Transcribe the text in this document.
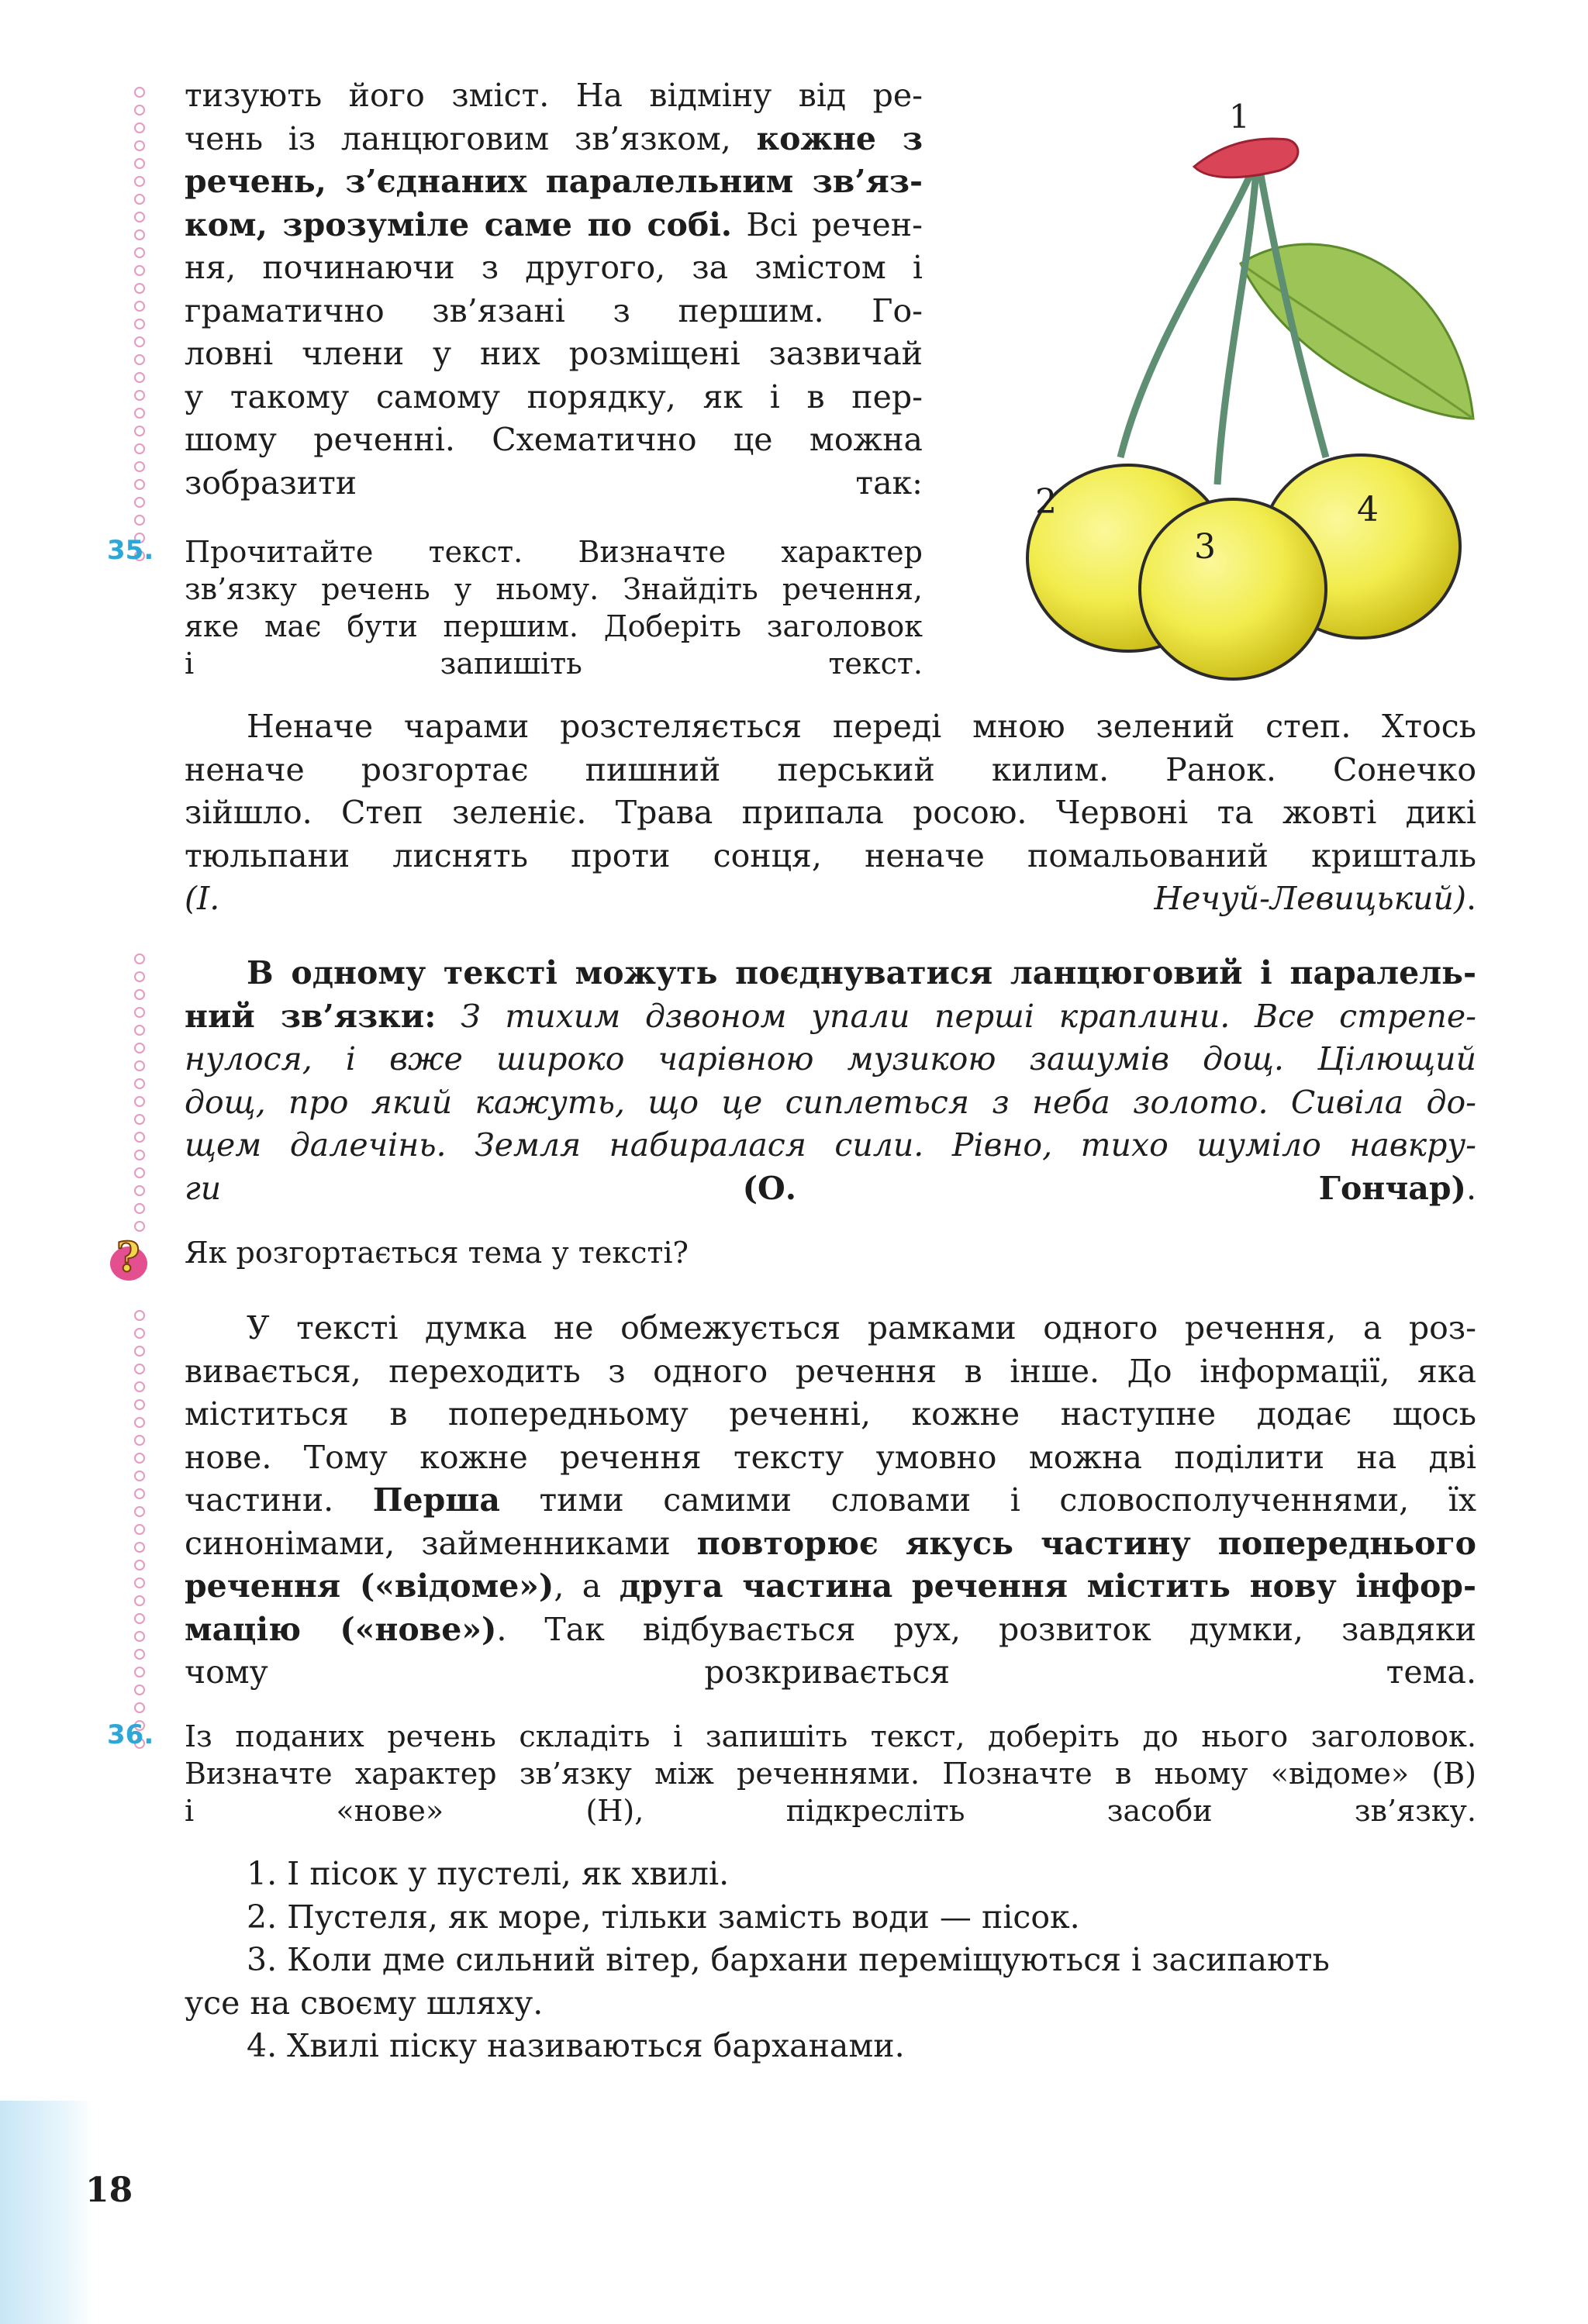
тизують його зміст. На відміну від ре-
чень із ланцюговим зв’язком, кожне з
речень, з’єднаних паралельним зв’яз-
ком, зрозуміле саме по собі. Всі речен-
ня, починаючи з другого, за змістом і
граматично зв’язані з першим. Го-
ловні члени у них розміщені зазвичай
у такому самому порядку, як і в пер-
шому реченні. Схематично це можна
зобразити так:
1
2
3
4
35. Прочитайте текст. Визначте характер
зв’язку речень у ньому. Знайдіть речення,
яке має бути першим. Доберіть заголовок
і запишіть текст.
Неначе чарами розстеляється переді мною зелений степ. Хтось
неначе розгортає пишний перський килим. Ранок. Сонечко
зійшло. Степ зеленіє. Трава припала росою. Червоні та жовті дикі
тюльпани лиснять проти сонця, неначе помальований кришталь
(І. Нечуй-Левицький).
В одному тексті можуть поєднуватися ланцюговий і паралель-
ний зв’язки: З тихим дзвоном упали перші краплини. Все стрепе-
нулося, і вже широко чарівною музикою зашумів дощ. Цілющий
дощ, про який кажуть, що це сиплеться з неба золото. Сивіла до-
щем далечінь. Земля набиралася сили. Рівно, тихо шуміло навкру-
ги	(О. Гончар).
? Як розгортається тема у тексті?
У тексті думка не обмежується рамками одного речення, а роз-
вивається, переходить з одного речення в інше. До інформації, яка
міститься в попередньому реченні, кожне наступне додає щось
нове. Тому кожне речення тексту умовно можна поділити на дві
частини. Перша тими самими словами і словосполученнями, їх
синонімами, займенниками повторює якусь частину попереднього
речення («відоме»), а друга частина речення містить нову інфор-
мацію («нове»). Так відбувається рух, розвиток думки, завдяки
чому розкривається тема.
36. Із поданих речень складіть і запишіть текст, доберіть до нього заголовок.
Визначте характер зв’язку між реченнями. Позначте в ньому «відоме» (В)
і «нове» (Н), підкресліть засоби зв’язку.
1. І пісок у пустелі, як хвилі.
2. Пустеля, як море, тільки замість води — пісок.
3. Коли дме сильний вітер, бархани переміщуються і засипають
усе на своєму шляху.
4. Хвилі піску називаються барханами.
18
